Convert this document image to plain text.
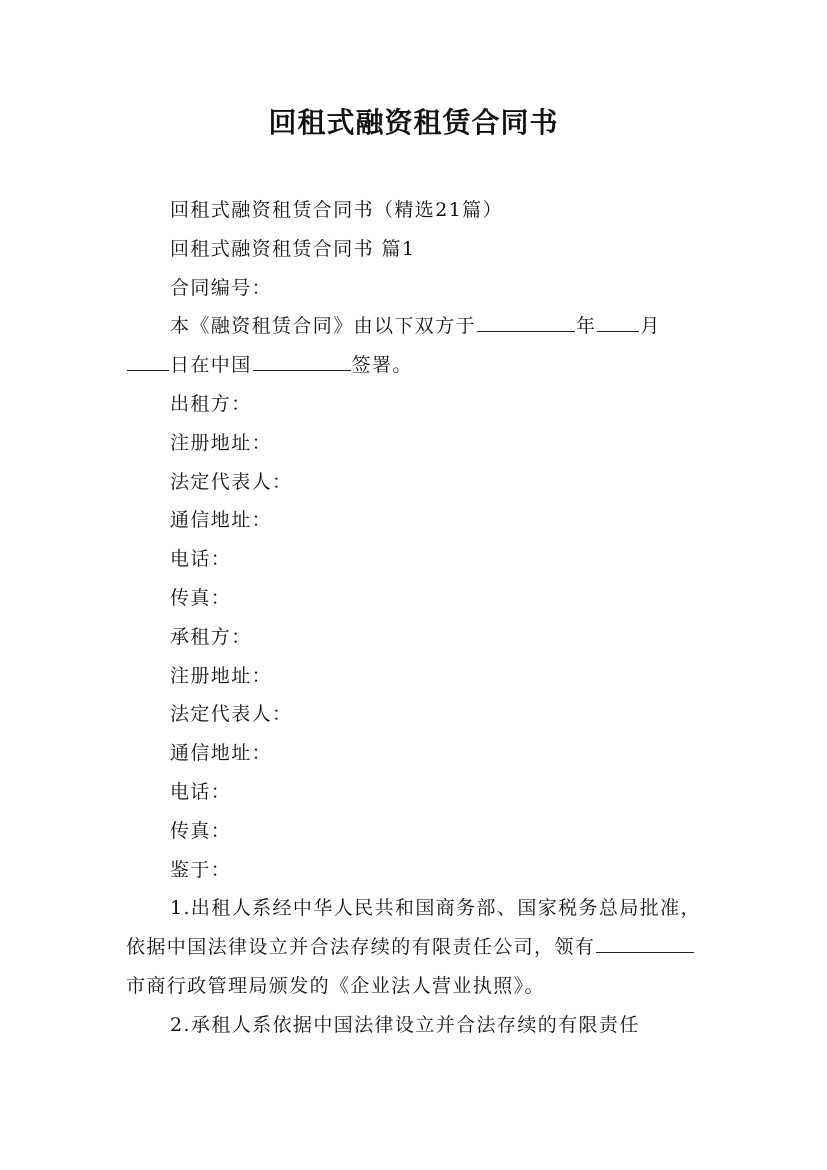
回租式融资租赁合同书

回租式融资租赁合同书（精选21篇）

回租式融资租赁合同书 篇1

合同编号：

本《融资租赁合同》由以下双方于	年 月日在中国	签署。

出租方：

注册地址：

法定代表人：

通信地址：

电话：

传真：

承租方：

注册地址：

法定代表人：

通信地址：

电话：

传真：

鉴于：

1.出租人系经中华人民共和国商务部、国家税务总局批准，依据中国法律设立并合法存续的有限责任公司，领有市商行政管理局颁发的《企业法人营业执照》。

2.承租人系依据中国法律设立并合法存续的有限责任
